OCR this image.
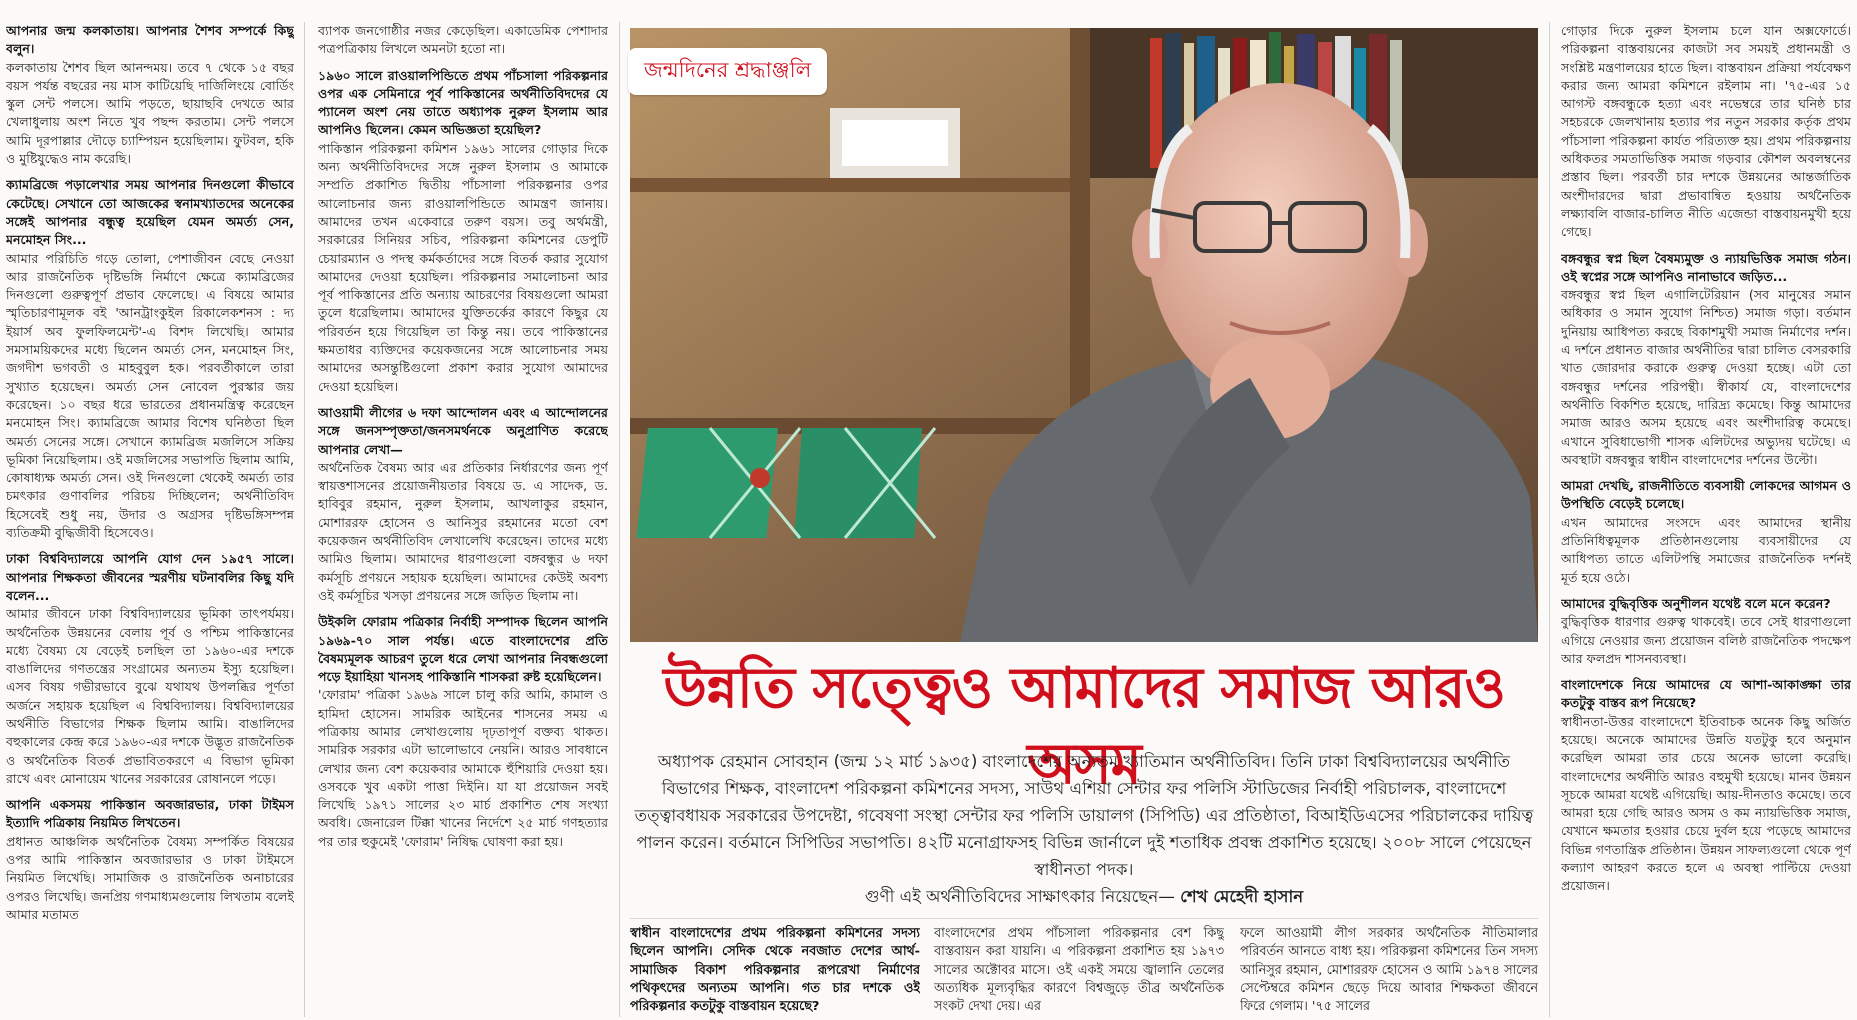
আপনার জন্ম কলকাতায়। আপনার শৈশব সম্পর্কে কিছু বলুন।
কলকাতায় শৈশব ছিল আনন্দময়। তবে ৭ থেকে ১৫ বছর বয়স পর্যন্ত বছরের নয় মাস কাটিয়েছি দার্জিলিংয়ে বোর্ডিং স্কুল সেন্ট পলসে। আমি পড়তে, ছায়াছবি দেখতে আর খেলাধুলায় অংশ নিতে খুব পছন্দ করতাম। সেন্ট পলসে আমি দূরপাল্লার দৌড়ে চ্যাম্পিয়ন হয়েছিলাম। ফুটবল, হকি ও মুষ্টিযুদ্ধেও নাম করেছি।

ক্যামব্রিজে পড়ালেখার সময় আপনার দিনগুলো কীভাবে কেটেছে। সেখানে তো আজকের স্বনামখ্যাতদের অনেকের সঙ্গেই আপনার বন্ধুত্ব হয়েছিল যেমন অমর্ত্য সেন, মনমোহন সিং...
আমার পরিচিতি গড়ে তোলা, পেশাজীবন বেছে নেওয়া আর রাজনৈতিক দৃষ্টিভঙ্গি নির্মাণে ক্ষেত্রে ক্যামব্রিজের দিনগুলো গুরুত্বপূর্ণ প্রভাব ফেলেছে। এ বিষয়ে আমার স্মৃতিচারণামূলক বই 'আনট্রাংকুইল রিকালেকশনস : দ্য ইয়ার্স অব ফুলফিলমেন্ট'-এ বিশদ লিখেছি। আমার সমসাময়িকদের মধ্যে ছিলেন অমর্ত্য সেন, মনমোহন সিং, জগদীশ ভগবতী ও মাহবুবুল হক। পরবর্তীকালে তারা সুখ্যাত হয়েছেন। অমর্ত্য সেন নোবেল পুরস্কার জয় করেছেন। ১০ বছর ধরে ভারতের প্রধানমন্ত্রিত্ব করেছেন মনমোহন সিং। ক্যামব্রিজে আমার বিশেষ ঘনিষ্ঠতা ছিল অমর্ত্য সেনের সঙ্গে। সেখানে ক্যামব্রিজ মজলিসে সক্রিয় ভূমিকা নিয়েছিলাম। ওই মজলিসের সভাপতি ছিলাম আমি, কোষাধ্যক্ষ অমর্ত্য সেন। ওই দিনগুলো থেকেই অমর্ত্য তার চমৎকার গুণাবলির পরিচয় দিচ্ছিলেন; অর্থনীতিবিদ হিসেবেই শুধু নয়, উদার ও অগ্রসর দৃষ্টিভঙ্গিসম্পন্ন ব্যতিক্রমী বুদ্ধিজীবী হিসেবেও।

ঢাকা বিশ্ববিদ্যালয়ে আপনি যোগ দেন ১৯৫৭ সালে। আপনার শিক্ষকতা জীবনের স্মরণীয় ঘটনাবলির কিছু যদি বলেন...
আমার জীবনে ঢাকা বিশ্ববিদ্যালয়ের ভূমিকা তাৎপর্যময়। অর্থনৈতিক উন্নয়নের বেলায় পূর্ব ও পশ্চিম পাকিস্তানের মধ্যে বৈষম্য যে বেড়েই চলছিল তা ১৯৬০-এর দশকে বাঙালিদের গণতন্ত্রের সংগ্রামের অন্যতম ইস্যু হয়েছিল। এসব বিষয় গভীরভাবে বুঝে যথাযথ উপলব্ধির পূর্ণতা অর্জনে সহায়ক হয়েছিল এ বিশ্ববিদ্যালয়। বিশ্ববিদ্যালয়ের অর্থনীতি বিভাগের শিক্ষক ছিলাম আমি। বাঙালিদের বহুকালের কেন্দ্র করে ১৯৬০-এর দশকে উদ্ভূত রাজনৈতিক ও অর্থনৈতিক বিতর্ক প্রভাবিতকরণে এ বিভাগ ভূমিকা রাখে এবং মোনায়েম খানের সরকারের রোষানলে পড়ে।

আপনি একসময় পাকিস্তান অবজারভার, ঢাকা টাইমস ইত্যাদি পত্রিকায় নিয়মিত লিখতেন।
প্রধানত আঞ্চলিক অর্থনৈতিক বৈষম্য সম্পর্কিত বিষয়ের ওপর আমি পাকিস্তান অবজারভার ও ঢাকা টাইমসে নিয়মিত লিখেছি। সামাজিক ও রাজনৈতিক অনাচারের ওপরও লিখেছি। জনপ্রিয় গণমাধ্যমগুলোয় লিখতাম বলেই আমার মতামত

ব্যাপক জনগোষ্ঠীর নজর কেড়েছিল। একাডেমিক পেশাদার পত্রপত্রিকায় লিখলে অমনটা হতো না।

১৯৬০ সালে রাওয়ালপিন্ডিতে প্রথম পাঁচসালা পরিকল্পনার ওপর এক সেমিনারে পূর্ব পাকিস্তানের অর্থনীতিবিদদের যে প্যানেল অংশ নেয় তাতে অধ্যাপক নুরুল ইসলাম আর আপনিও ছিলেন। কেমন অভিজ্ঞতা হয়েছিল?
পাকিস্তান পরিকল্পনা কমিশন ১৯৬১ সালের গোড়ার দিকে অন্য অর্থনীতিবিদদের সঙ্গে নুরুল ইসলাম ও আমাকে সম্প্রতি প্রকাশিত দ্বিতীয় পাঁচসালা পরিকল্পনার ওপর আলোচনার জন্য রাওয়ালপিন্ডিতে আমন্ত্রণ জানায়। আমাদের তখন একেবারে তরুণ বয়স। তবু অর্থমন্ত্রী, সরকারের সিনিয়র সচিব, পরিকল্পনা কমিশনের ডেপুটি চেয়ারম্যান ও পদস্থ কর্মকর্তাদের সঙ্গে বিতর্ক করার সুযোগ আমাদের দেওয়া হয়েছিল। পরিকল্পনার সমালোচনা আর পূর্ব পাকিস্তানের প্রতি অন্যায় আচরণের বিষয়গুলো আমরা তুলে ধরেছিলাম। আমাদের যুক্তিতর্কের কারণে কিছুর যে পরিবর্তন হয়ে গিয়েছিল তা কিন্তু নয়। তবে পাকিস্তানের ক্ষমতাধর ব্যক্তিদের কয়েকজনের সঙ্গে আলোচনার সময় আমাদের অসন্তুষ্টিগুলো প্রকাশ করার সুযোগ আমাদের দেওয়া হয়েছিল।

আওয়ামী লীগের ৬ দফা আন্দোলন এবং এ আন্দোলনের সঙ্গে জনসম্পৃক্ততা/জনসমর্থনকে অনুপ্রাণিত করেছে আপনার লেখা—
অর্থনৈতিক বৈষম্য আর এর প্রতিকার নির্ধারণের জন্য পূর্ণ স্বায়ত্তশাসনের প্রয়োজনীয়তার বিষয়ে ড. এ সাদেক, ড. হাবিবুর রহমান, নুরুল ইসলাম, আখলাকুর রহমান, মোশাররফ হোসেন ও আনিসুর রহমানের মতো বেশ কয়েকজন অর্থনীতিবিদ লেখালেখি করেছেন। তাদের মধ্যে আমিও ছিলাম। আমাদের ধারণাগুলো বঙ্গবন্ধুর ৬ দফা কর্মসূচি প্রণয়নে সহায়ক হয়েছিল। আমাদের কেউই অবশ্য ওই কর্মসূচির খসড়া প্রণয়নের সঙ্গে জড়িত ছিলাম না।

উইকলি ফোরাম পত্রিকার নির্বাহী সম্পাদক ছিলেন আপনি ১৯৬৯-৭০ সাল পর্যন্ত। এতে বাংলাদেশের প্রতি বৈষম্যমূলক আচরণ তুলে ধরে লেখা আপনার নিবন্ধগুলো পড়ে ইয়াহিয়া খানসহ পাকিস্তানি শাসকরা রুষ্ট হয়েছিলেন।
'ফোরাম' পত্রিকা ১৯৬৯ সালে চালু করি আমি, কামাল ও হামিদা হোসেন। সামরিক আইনের শাসনের সময় এ পত্রিকায় আমার লেখাগুলোয় দৃঢ়তাপূর্ণ বক্তব্য থাকত। সামরিক সরকার এটা ভালোভাবে নেয়নি। আরও সাবধানে লেখার জন্য বেশ কয়েকবার আমাকে হুঁশিয়ারি দেওয়া হয়। ওসবকে খুব একটা পাত্তা দিইনি। যা যা প্রয়োজন সবই লিখেছি ১৯৭১ সালের ২৩ মার্চ প্রকাশিত শেষ সংখ্যা অবধি। জেনারেল টিক্কা খানের নির্দেশে ২৫ মার্চ গণহত্যার পর তার হুকুমেই 'ফোরাম' নিষিদ্ধ ঘোষণা করা হয়।

জন্মদিনের শ্রদ্ধাঞ্জলি
উন্নতি সত্ত্বেও আমাদের সমাজ আরও অসম
অধ্যাপক রেহমান সোবহান (জন্ম ১২ মার্চ ১৯৩৫) বাংলাদেশের অন্যতম খ্যাতিমান অর্থনীতিবিদ। তিনি ঢাকা বিশ্ববিদ্যালয়ের অর্থনীতি বিভাগের শিক্ষক, বাংলাদেশ পরিকল্পনা কমিশনের সদস্য, সাউথ এশিয়া সেন্টার ফর পলিসি স্টাডিজের নির্বাহী পরিচালক, বাংলাদেশে তত্ত্বাবধায়ক সরকারের উপদেষ্টা, গবেষণা সংস্থা সেন্টার ফর পলিসি ডায়ালগ (সিপিডি) এর প্রতিষ্ঠাতা, বিআইডিএসের পরিচালকের দায়িত্ব পালন করেন। বর্তমানে সিপিডির সভাপতি। ৪২টি মনোগ্রাফসহ বিভিন্ন জার্নালে দুই শতাধিক প্রবন্ধ প্রকাশিত হয়েছে। ২০০৮ সালে পেয়েছেন স্বাধীনতা পদক।
গুণী এই অর্থনীতিবিদের সাক্ষাৎকার নিয়েছেন— শেখ মেহেদী হাসান
স্বাধীন বাংলাদেশের প্রথম পরিকল্পনা কমিশনের সদস্য ছিলেন আপনি। সেদিক থেকে নবজাত দেশের আর্থ-সামাজিক বিকাশ পরিকল্পনার রূপরেখা নির্মাণের পথিকৃৎদের অন্যতম আপনি। গত চার দশকে ওই পরিকল্পনার কতটুকু বাস্তবায়ন হয়েছে?
বাংলাদেশের প্রথম পাঁচসালা পরিকল্পনার বেশ কিছু বাস্তবায়ন করা যায়নি। এ পরিকল্পনা প্রকাশিত হয় ১৯৭৩ সালের অক্টোবর মাসে। ওই একই সময়ে জ্বালানি তেলের অত্যধিক মূল্যবৃদ্ধির কারণে বিশ্বজুড়ে তীব্র অর্থনৈতিক সংকট দেখা দেয়। এর
ফলে আওয়ামী লীগ সরকার অর্থনৈতিক নীতিমালার পরিবর্তন আনতে বাধ্য হয়। পরিকল্পনা কমিশনের তিন সদস্য আনিসুর রহমান, মোশাররফ হোসেন ও আমি ১৯৭৪ সালের সেপ্টেম্বরে কমিশন ছেড়ে দিয়ে আবার শিক্ষকতা জীবনে ফিরে গেলাম। '৭৫ সালের

গোড়ার দিকে নুরুল ইসলাম চলে যান অক্সফোর্ডে। পরিকল্পনা বাস্তবায়নের কাজটা সব সময়ই প্রধানমন্ত্রী ও সংশ্লিষ্ট মন্ত্রণালয়ের হাতে ছিল। বাস্তবায়ন প্রক্রিয়া পর্যবেক্ষণ করার জন্য আমরা কমিশনে রইলাম না। '৭৫-এর ১৫ আগস্ট বঙ্গবন্ধুকে হত্যা এবং নভেম্বরে তার ঘনিষ্ঠ চার সহচরকে জেলখানায় হত্যার পর নতুন সরকার কর্তৃক প্রথম পাঁচসালা পরিকল্পনা কার্যত পরিত্যক্ত হয়। প্রথম পরিকল্পনায় অধিকতর সমতাভিত্তিক সমাজ গড়বার কৌশল অবলম্বনের প্রস্তাব ছিল। পরবর্তী চার দশকে উন্নয়নের আন্তর্জাতিক অংশীদারদের দ্বারা প্রভাবান্বিত হওয়ায় অর্থনৈতিক লক্ষ্যাবলি বাজার-চালিত নীতি এজেন্ডা বাস্তবায়নমুখী হয়ে গেছে।

বঙ্গবন্ধুর স্বপ্ন ছিল বৈষম্যমুক্ত ও ন্যায়ভিত্তিক সমাজ গঠন। ওই স্বপ্নের সঙ্গে আপনিও নানাভাবে জড়িত...
বঙ্গবন্ধুর স্বপ্ন ছিল এগালিটেরিয়ান (সব মানুষের সমান অধিকার ও সমান সুযোগ নিশ্চিত) সমাজ গড়া। বর্তমান দুনিয়ায় আধিপত্য করছে বিকাশমুখী সমাজ নির্মাণের দর্শন। এ দর্শনে প্রধানত বাজার অর্থনীতির দ্বারা চালিত বেসরকারি খাত জোরদার করাকে গুরুত্ব দেওয়া হচ্ছে। এটা তো বঙ্গবন্ধুর দর্শনের পরিপন্থী। স্বীকার্য যে, বাংলাদেশের অর্থনীতি বিকশিত হয়েছে, দারিদ্র্য কমেছে। কিন্তু আমাদের সমাজ আরও অসম হয়েছে এবং অংশীদারিত্ব কমেছে। এখানে সুবিধাভোগী শাসক এলিটদের অভ্যুদয় ঘটেছে। এ অবস্থাটা বঙ্গবন্ধুর স্বাধীন বাংলাদেশের দর্শনের উল্টো।

আমরা দেখছি, রাজনীতিতে ব্যবসায়ী লোকদের আগমন ও উপস্থিতি বেড়েই চলেছে।
এখন আমাদের সংসদে এবং আমাদের স্থানীয় প্রতিনিধিত্বমূলক প্রতিষ্ঠানগুলোয় ব্যবসায়ীদের যে আধিপত্য তাতে এলিটপন্থি সমাজের রাজনৈতিক দর্শনই মূর্ত হয়ে ওঠে।

আমাদের বুদ্ধিবৃত্তিক অনুশীলন যথেষ্ট বলে মনে করেন?
বুদ্ধিবৃত্তিক ধারণার গুরুত্ব থাকবেই। তবে সেই ধারণাগুলো এগিয়ে নেওয়ার জন্য প্রয়োজন বলিষ্ঠ রাজনৈতিক পদক্ষেপ আর ফলপ্রদ শাসনব্যবস্থা।

বাংলাদেশকে নিয়ে আমাদের যে আশা-আকাঙ্ক্ষা তার কতটুকু বাস্তব রূপ নিয়েছে?
স্বাধীনতা-উত্তর বাংলাদেশে ইতিবাচক অনেক কিছু অর্জিত হয়েছে। অনেকে আমাদের উন্নতি যতটুকু হবে অনুমান করেছিল আমরা তার চেয়ে অনেক ভালো করেছি। বাংলাদেশের অর্থনীতি আরও বহুমুখী হয়েছে। মানব উন্নয়ন সূচকে আমরা যথেষ্ট এগিয়েছি। আয়-দীনতাও কমেছে। তবে আমরা হয়ে গেছি আরও অসম ও কম ন্যায়ভিত্তিক সমাজ, যেখানে ক্ষমতার হওয়ার চেয়ে দুর্বল হয়ে পড়েছে আমাদের বিভিন্ন গণতান্ত্রিক প্রতিষ্ঠান। উন্নয়ন সাফল্যগুলো থেকে পূর্ণ কল্যাণ আহরণ করতে হলে এ অবস্থা পাল্টিয়ে দেওয়া প্রয়োজন।
